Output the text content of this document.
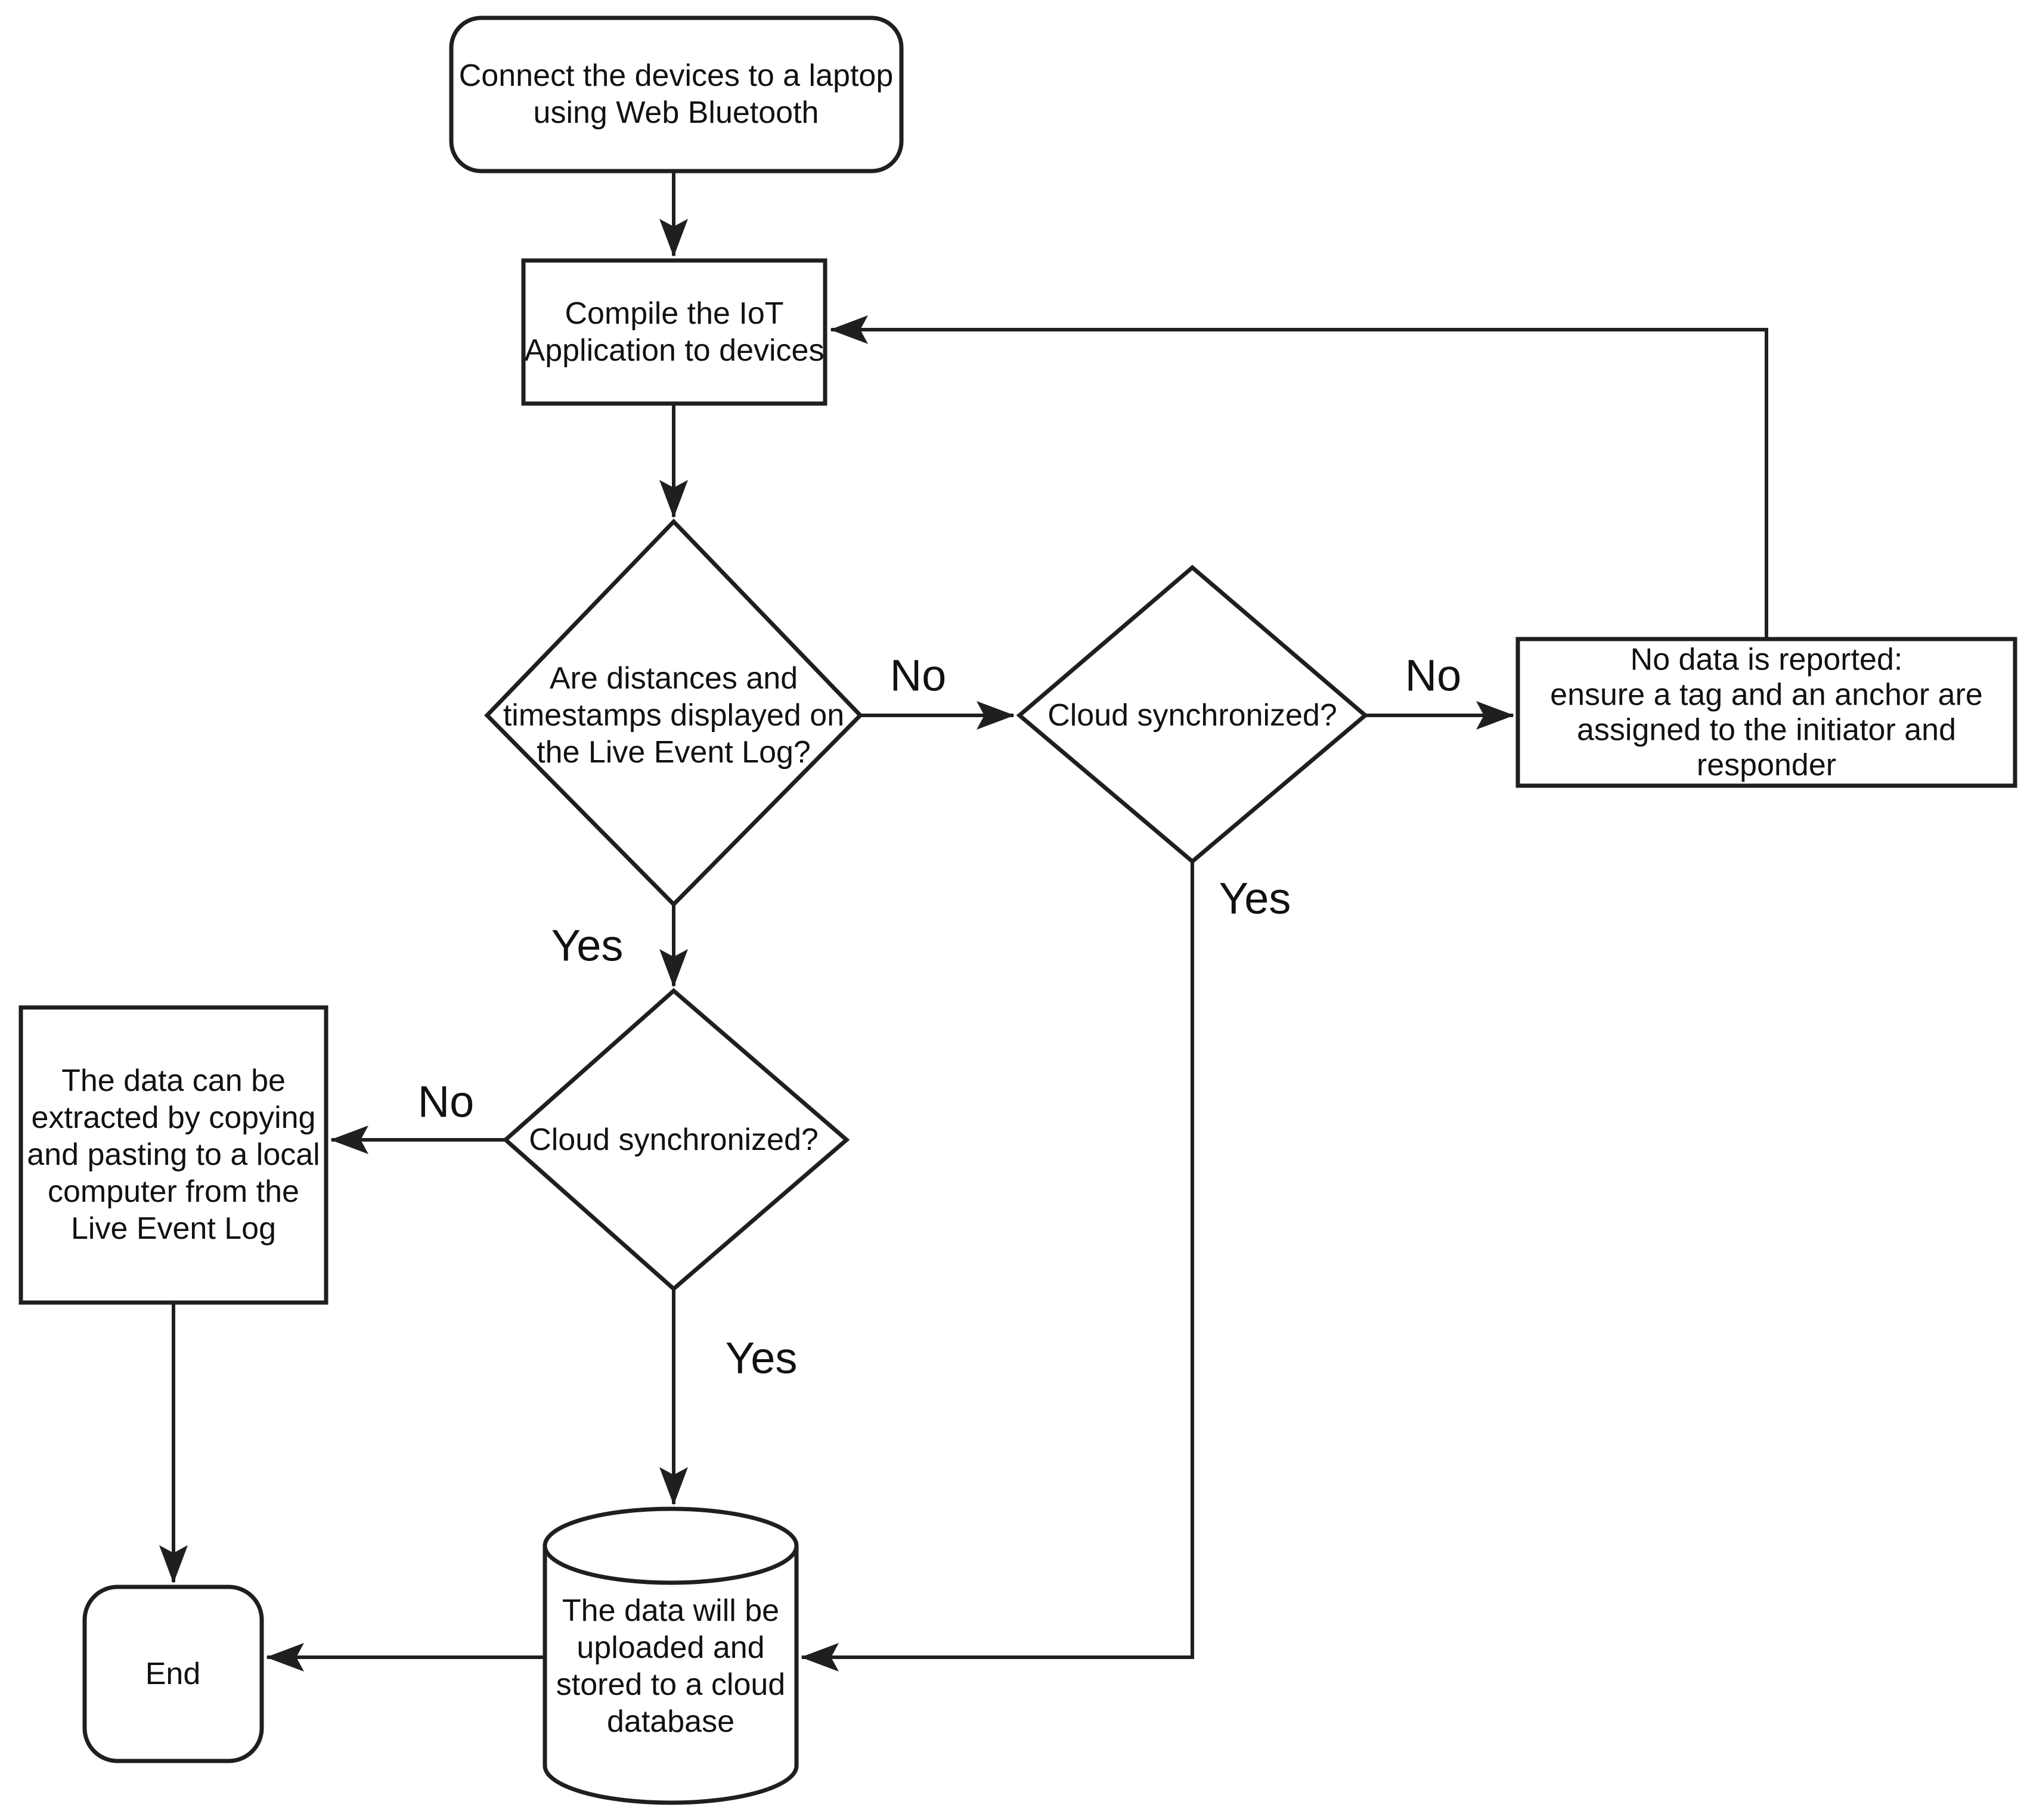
Connect the devices to a laptop using Web Bluetooth
Compile the IoT Application to devices
Are distances and timestamps displayed on the Live Event Log?
Cloud synchronized?
No data is reported: ensure a tag and an anchor are assigned to the initiator and responder
Cloud synchronized?
The data can be extracted by copying and pasting to a local computer from the Live Event Log
The data will be uploaded and stored to a cloud database
End
No	No
Yes
Yes
No
Yes
